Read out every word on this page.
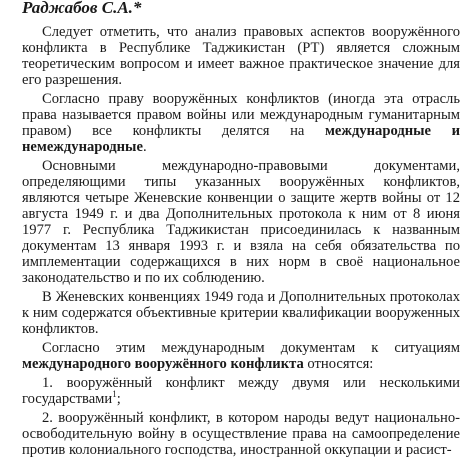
Раджабов С.А.*

Следует отметить, что анализ правовых аспектов вооружённого конфликта в Республике Таджикистан (РТ) является сложным теоретическим вопросом и имеет важное практическое значение для его разрешения.

Согласно праву вооружённых конфликтов (иногда эта отрасль права называется правом войны или международным гуманитарным правом) все конфликты делятся на международные и немеждународные.

Основными международно-правовыми документами, определяющими типы указанных вооружённых конфликтов, являются четыре Женевские конвенции о защите жертв войны от 12 августа 1949 г. и два Дополнительных протокола к ним от 8 июня 1977 г. Республика Таджикистан присоединилась к названным документам 13 января 1993 г. и взяла на себя обязательства по имплементации содержащихся в них норм в своё национальное законодательство и по их соблюдению.

В Женевских конвенциях 1949 года и Дополнительных протоколах к ним содержатся объективные критерии квалификации вооруженных конфликтов.

Согласно этим международным документам к ситуациям международного вооружённого конфликта относятся:

1. вооружённый конфликт между двумя или несколькими государствами$^1$;

2. вооружённый конфликт, в котором народы ведут национально-освободительную войну в осуществление права на самоопределение против колониального господства, иностранной оккупации и расист-
